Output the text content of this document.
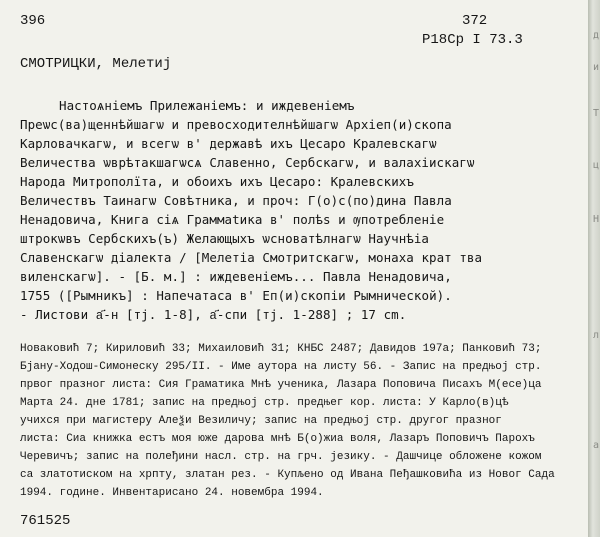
396	372
P18Cp I 73.3
СМОТРИЦКИ, Мелетиј
Настоѧніемъ Прилежаніемъ: и иждевеніемъ
Преѡс(ва)щеннѣйшагѡ и превосходителнѣйшагѡ Архіеп(и)скопа
Карловачкагѡ, и всегѡ в' державѣ ихъ Цесаро Кралевскагѡ
Величества ѡврѣтакшагѡсѧ Славенно, Сербскагѡ, и валахіискагѡ
Народа Митрополїта, и обоихъ ихъ Цесаро: Кралевскихъ
Величествъ Таинагѡ Совѣтника, и проч: Г(о)с(по)дина Павла
Ненадовича, Книга сіѧ Граммаtика в' полѣѕ и ѹпотребленіе
штрокѡвъ Сербскихъ(ъ) Желающыхъ ѡсноватѣлнагѡ Научнѣіа
Славенскагѡ діалекта / [Мелетіа Смотритскагѡ, монаха крат тва
виленскагѡ]. - [Б. м.] : иждевеніемъ... Павла Ненадовича,
1755 ([Рымникъ] : Напечатаса в' Еп(и)скопіи Рымнической).
- Листови а҃-н [тј. 1-8], а҃-спи [тј. 1-288] ; 17 cm.
Новаковић 7; Кириловић 33; Михаиловић 31; КНБС 2487; Давидов 197а; Панковић 73;
Бјану-Ходош-Симонеску 295/II. - Име аутора на листу 56. - Запис на предњој стр.
првог празног листа: Сия Граматика Мнѣ ученика, Лазара Поповича Писахъ М(есе)ца
Марта 24. дне 1781; запис на предњој стр. предњег кор. листа: У Карло(в)цѣ
учихся при магистеру Алеѯи Везиличу; запис на предњој стр. другог празног
листа: Сиа книжка естъ моя юже дарова мнѣ Б(о)жиа воля, Лазаръ Поповичъ Парохъ
Черевичъ; запис на полеђини насл. стр. на грч. језику. - Дашчице обложене кожом
са златотиском на хрпту, златан рез. - Купљено од Ивана Пеђашковића из Новог Сада
1994. године. Инвентарисано 24. новембра 1994.
761525
д
и
Т
ц
Н
л
а
